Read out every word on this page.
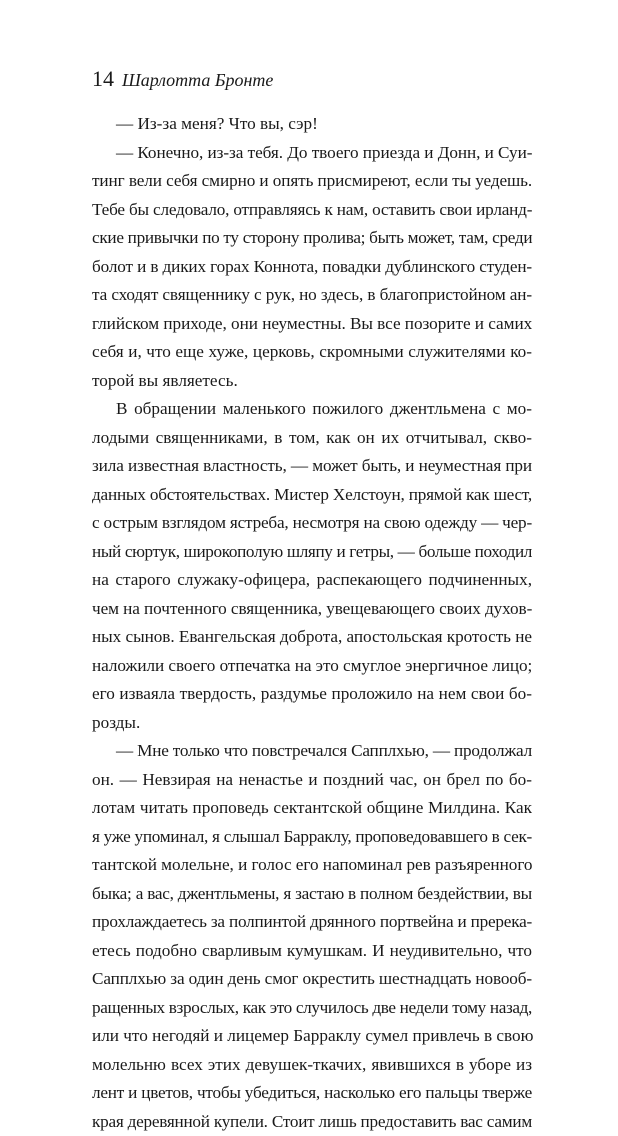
14 Шарлотта Бронте
— Из-за меня? Что вы, сэр!
— Конечно, из-за тебя. До твоего приезда и Донн, и Суи-
тинг вели себя смирно и опять присмиреют, если ты уедешь.
Тебе бы следовало, отправляясь к нам, оставить свои ирланд-
ские привычки по ту сторону пролива; быть может, там, среди
болот и в диких горах Коннота, повадки дублинского студен-
та сходят священнику с рук, но здесь, в благопристойном ан-
глийском приходе, они неуместны. Вы все позорите и самих
себя и, что еще хуже, церковь, скромными служителями ко-
торой вы являетесь.
В обращении маленького пожилого джентльмена с мо-
лодыми священниками, в том, как он их отчитывал, скво-
зила известная властность, — может быть, и неуместная при
данных обстоятельствах. Мистер Хелстоун, прямой как шест,
с острым взглядом ястреба, несмотря на свою одежду — чер-
ный сюртук, широкополую шляпу и гетры, — больше походил
на старого служаку-офицера, распекающего подчиненных,
чем на почтенного священника, увещевающего своих духов-
ных сынов. Евангельская доброта, апостольская кротость не
наложили своего отпечатка на это смуглое энергичное лицо;
его изваяла твердость, раздумье проложило на нем свои бо-
розды.
— Мне только что повстречался Сапплхью, — продолжал
он. — Невзирая на ненастье и поздний час, он брел по бо-
лотам читать проповедь сектантской общине Милдина. Как
я уже упоминал, я слышал Барраклу, проповедовавшего в сек-
тантской молельне, и голос его напоминал рев разъяренного
быка; а вас, джентльмены, я застаю в полном бездействии, вы
прохлаждаетесь за полпинтой дрянного портвейна и пререка-
етесь подобно сварливым кумушкам. И неудивительно, что
Сапплхью за один день смог окрестить шестнадцать новооб-
ращенных взрослых, как это случилось две недели тому назад,
или что негодяй и лицемер Барраклу сумел привлечь в свою
молельню всех этих девушек-ткачих, явившихся в уборе из
лент и цветов, чтобы убедиться, насколько его пальцы тверже
края деревянной купели. Стоит лишь предоставить вас самим
